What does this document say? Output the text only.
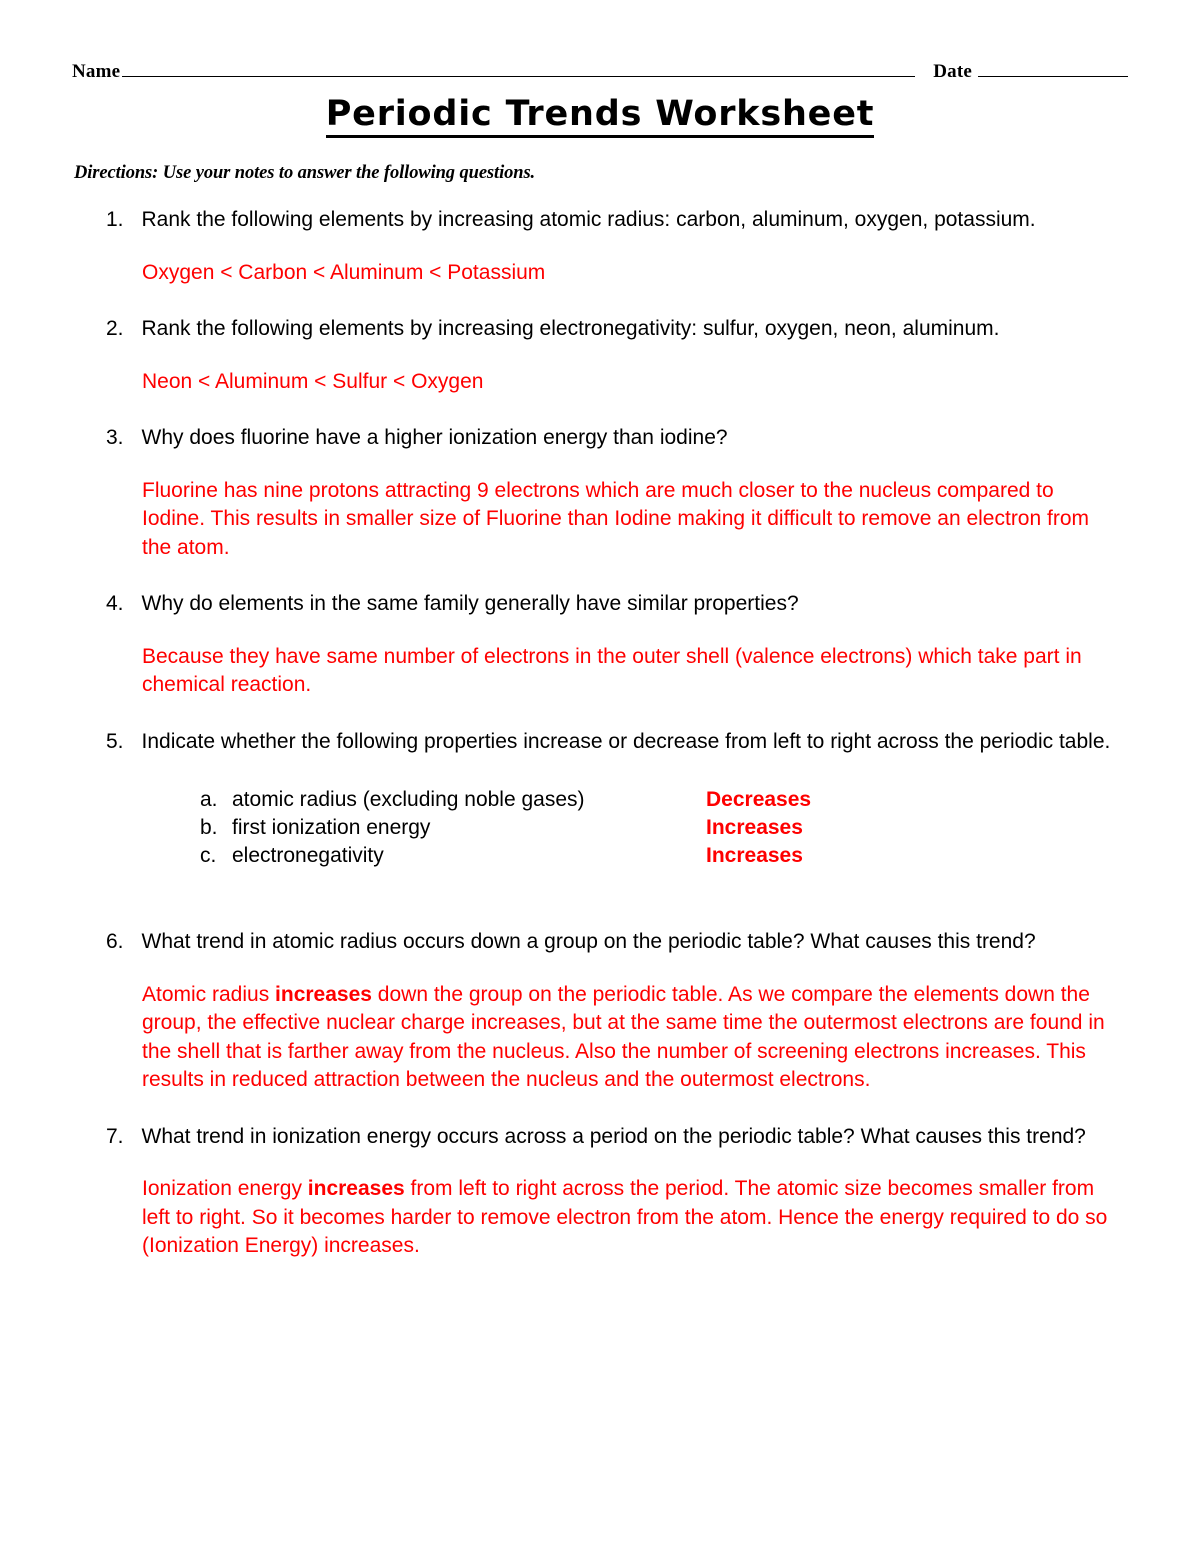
Name	Date
Periodic Trends Worksheet
Directions: Use your notes to answer the following questions.
1. Rank the following elements by increasing atomic radius: carbon, aluminum, oxygen, potassium.
Oxygen < Carbon < Aluminum < Potassium
2. Rank the following elements by increasing electronegativity: sulfur, oxygen, neon, aluminum.
Neon < Aluminum < Sulfur < Oxygen
3. Why does fluorine have a higher ionization energy than iodine?
Fluorine has nine protons attracting 9 electrons which are much closer to the nucleus compared to Iodine. This results in smaller size of Fluorine than Iodine making it difficult to remove an electron from the atom.
4. Why do elements in the same family generally have similar properties?
Because they have same number of electrons in the outer shell (valence electrons) which take part in chemical reaction.
5. Indicate whether the following properties increase or decrease from left to right across the periodic table.
a. atomic radius (excluding noble gases)	Decreases
b. first ionization energy	Increases
c. electronegativity	Increases
6. What trend in atomic radius occurs down a group on the periodic table? What causes this trend?
Atomic radius increases down the group on the periodic table. As we compare the elements down the group, the effective nuclear charge increases, but at the same time the outermost electrons are found in the shell that is farther away from the nucleus. Also the number of screening electrons increases. This results in reduced attraction between the nucleus and the outermost electrons.
7. What trend in ionization energy occurs across a period on the periodic table? What causes this trend?
Ionization energy increases from left to right across the period. The atomic size becomes smaller from left to right. So it becomes harder to remove electron from the atom. Hence the energy required to do so (Ionization Energy) increases.
